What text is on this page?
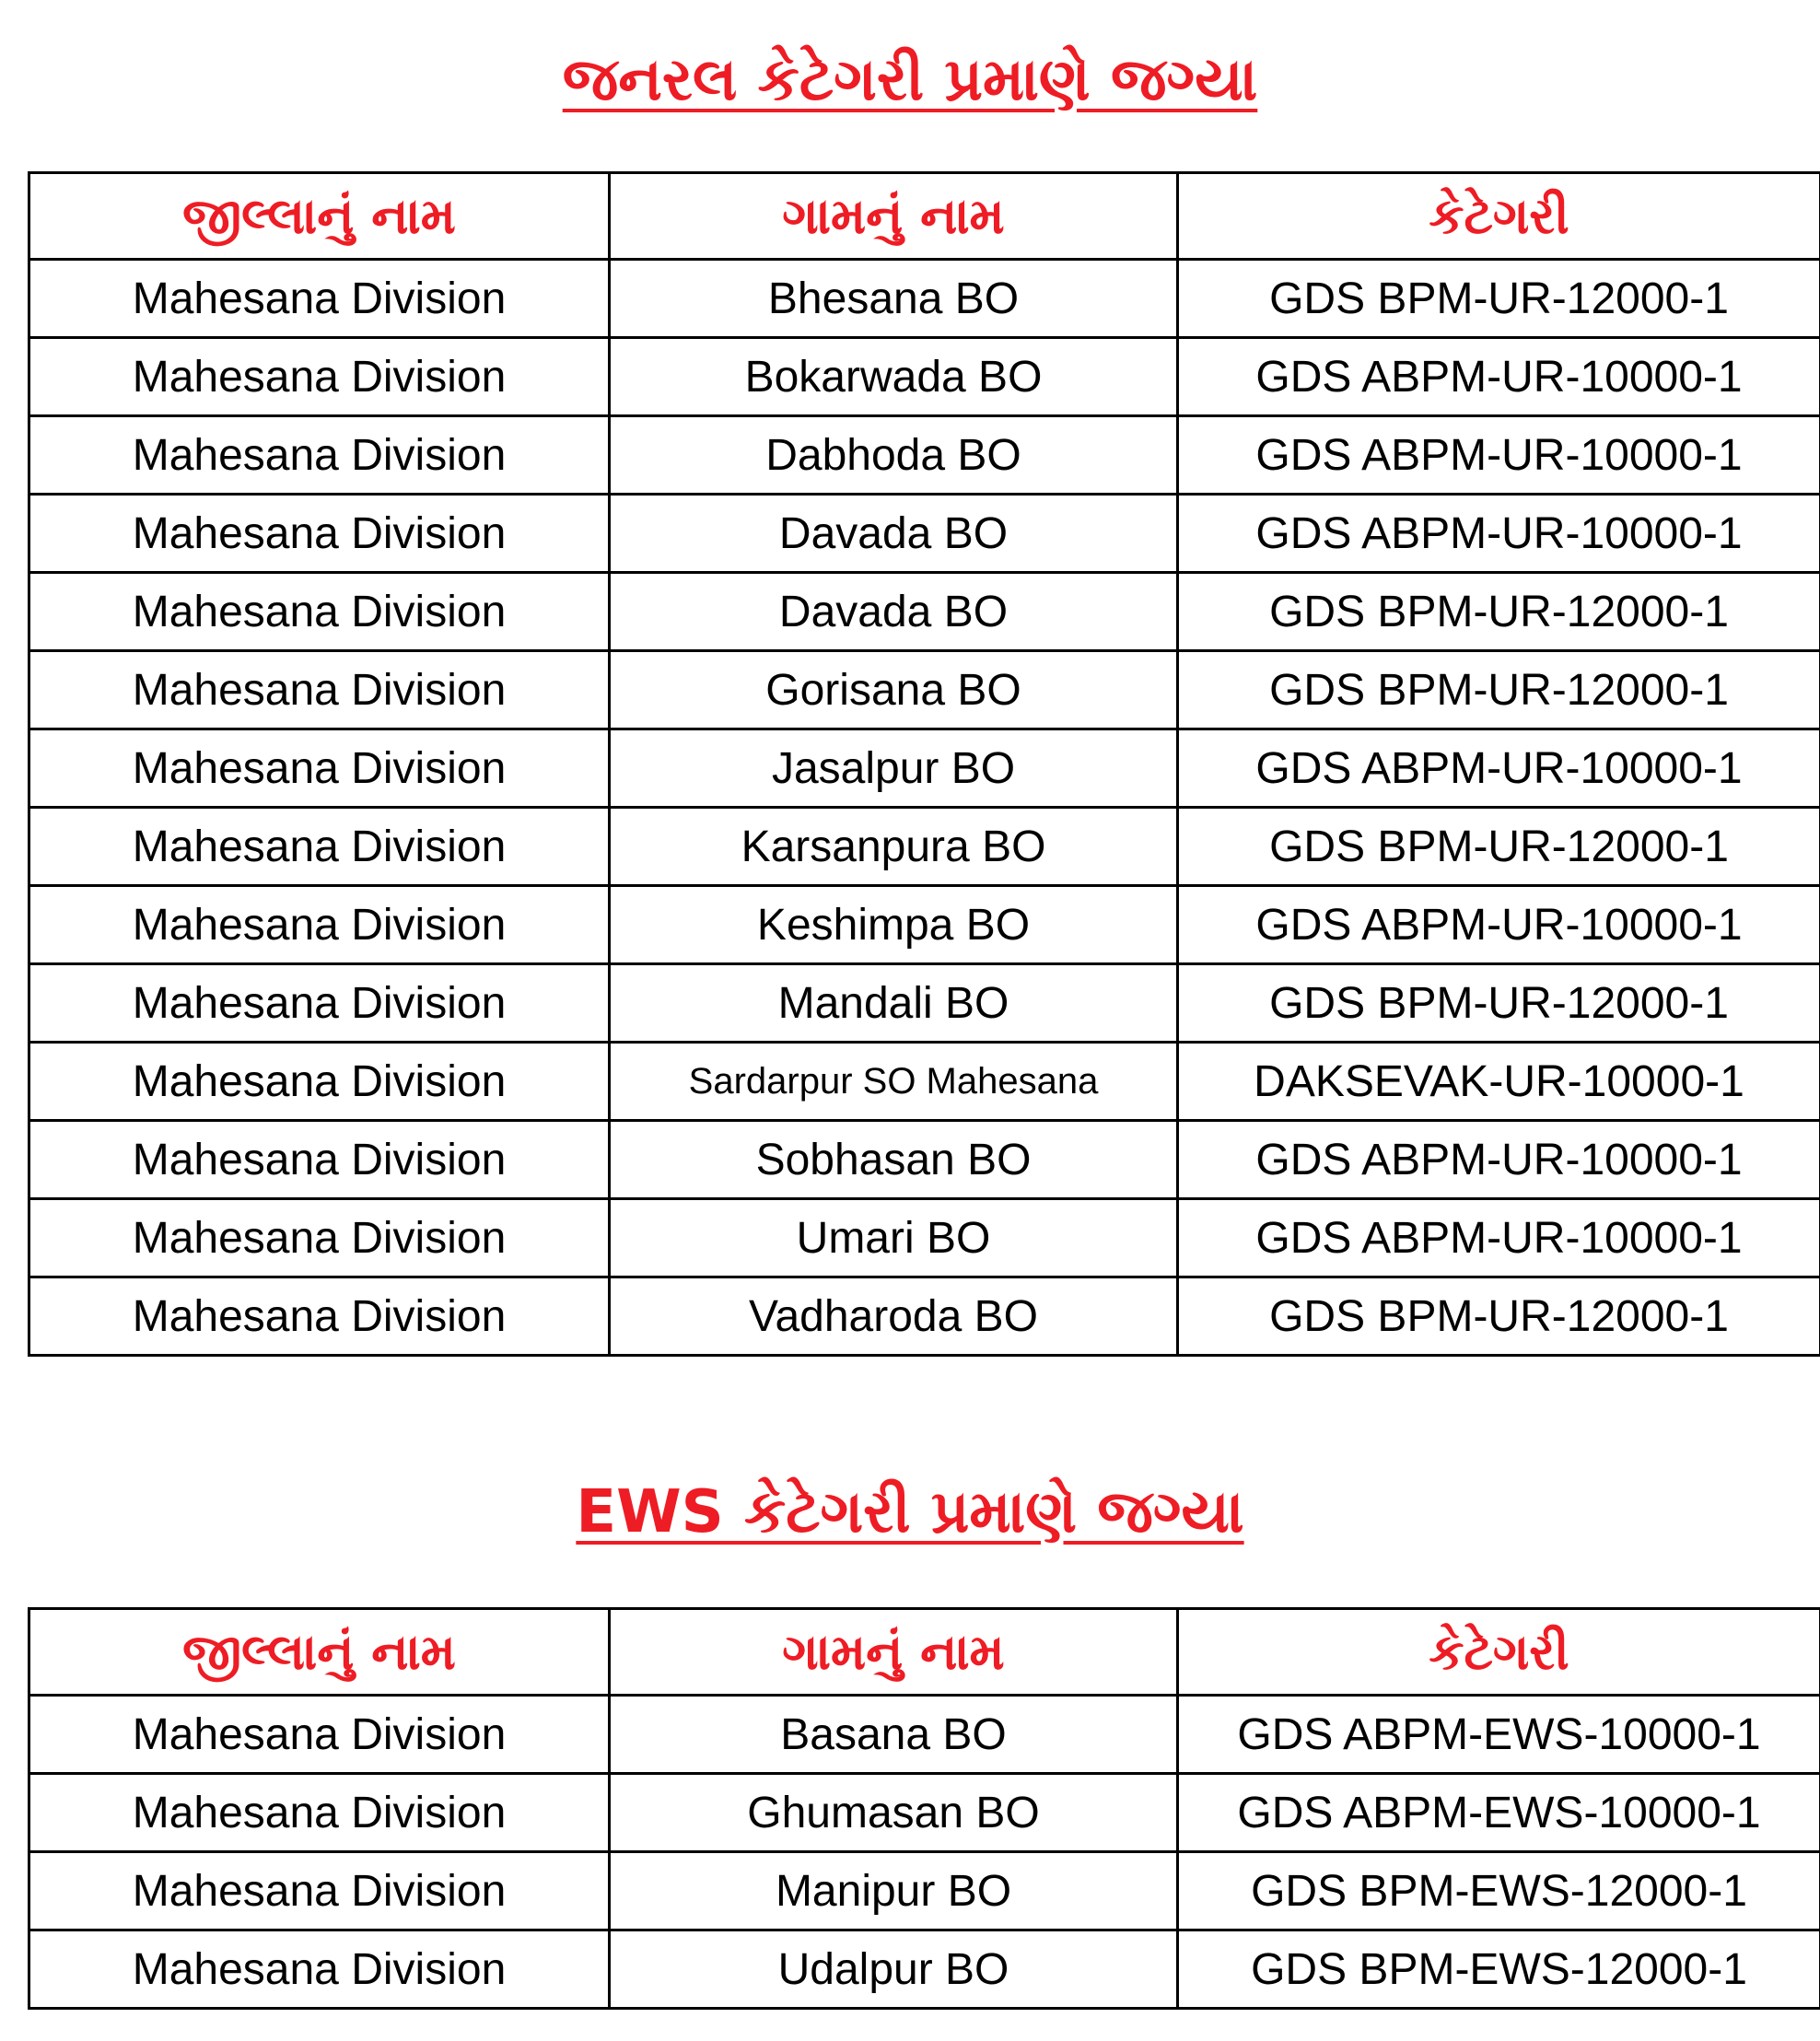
જનરલ કેટેગરી પ્રમાણે જગ્યા
જીલ્લાનું નામ	ગામનું નામ	કેટેગરી
Mahesana Division	Bhesana BO	GDS BPM-UR-12000-1
Mahesana Division	Bokarwada BO	GDS ABPM-UR-10000-1
Mahesana Division	Dabhoda BO	GDS ABPM-UR-10000-1
Mahesana Division	Davada BO	GDS ABPM-UR-10000-1
Mahesana Division	Davada BO	GDS BPM-UR-12000-1
Mahesana Division	Gorisana BO	GDS BPM-UR-12000-1
Mahesana Division	Jasalpur BO	GDS ABPM-UR-10000-1
Mahesana Division	Karsanpura BO	GDS BPM-UR-12000-1
Mahesana Division	Keshimpa BO	GDS ABPM-UR-10000-1
Mahesana Division	Mandali BO	GDS BPM-UR-12000-1
Mahesana Division	Sardarpur SO Mahesana	DAKSEVAK-UR-10000-1
Mahesana Division	Sobhasan BO	GDS ABPM-UR-10000-1
Mahesana Division	Umari BO	GDS ABPM-UR-10000-1
Mahesana Division	Vadharoda BO	GDS BPM-UR-12000-1
EWS કેટેગરી પ્રમાણે જગ્યા
જીલ્લાનું નામ	ગામનું નામ	કેટેગરી
Mahesana Division	Basana BO	GDS ABPM-EWS-10000-1
Mahesana Division	Ghumasan BO	GDS ABPM-EWS-10000-1
Mahesana Division	Manipur BO	GDS BPM-EWS-12000-1
Mahesana Division	Udalpur BO	GDS BPM-EWS-12000-1
